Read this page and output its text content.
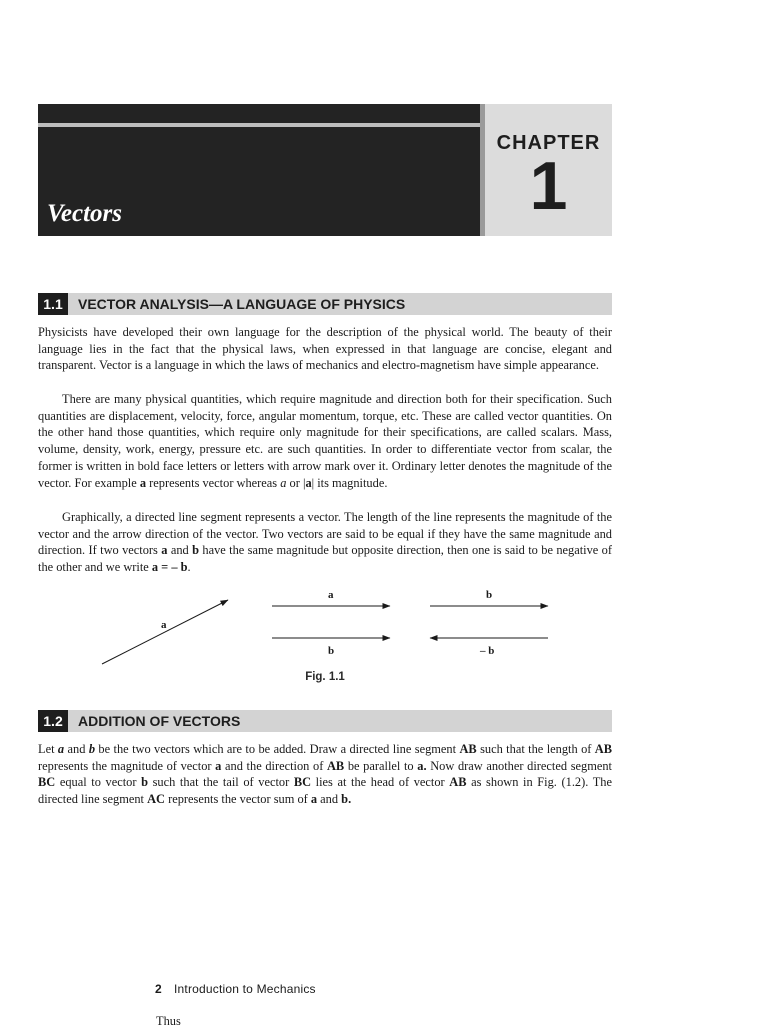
CHAPTER
1
Vectors
1.1	VECTOR ANALYSIS—A LANGUAGE OF PHYSICS

Physicists have developed their own language for the description of the physical world. The beauty of their language lies in the fact that the physical laws, when expressed in that language are concise, elegant and transparent. Vector is a language in which the laws of mechanics and electro-magnetism have simple appearance.

There are many physical quantities, which require magnitude and direction both for their specification. Such quantities are displacement, velocity, force, angular momentum, torque, etc. These are called vector quantities. On the other hand those quantities, which require only magnitude for their specifications, are called scalars. Mass, volume, density, work, energy, pressure etc. are such quantities. In order to differentiate vector from scalar, the former is written in bold face letters or letters with arrow mark over it. Ordinary letter denotes the magnitude of the vector. For example a represents vector whereas a or |a| its magnitude.

Graphically, a directed line segment represents a vector. The length of the line represents the magnitude of the vector and the arrow direction of the vector. Two vectors are said to be equal if they have the same magnitude and direction. If two vectors a and b have the same magnitude but opposite direction, then one is said to be negative of the other and we write a = – b.

a
a
b
b
– b
Fig. 1.1
1.2	ADDITION OF VECTORS

Let a and b be the two vectors which are to be added. Draw a directed line segment AB such that the length of AB represents the magnitude of vector a and the direction of AB be parallel to a. Now draw another directed segment BC equal to vector b such that the tail of vector BC lies at the head of vector AB as shown in Fig. (1.2). The directed line segment AC represents the vector sum of a and b.

2 Introduction to Mechanics
Thus
